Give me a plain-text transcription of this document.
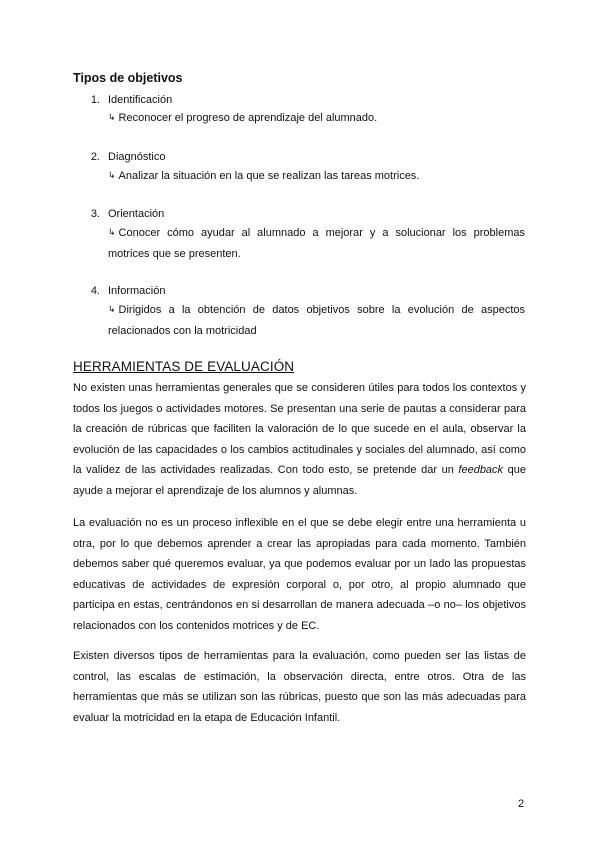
Tipos de objetivos
1. Identificación
↳ Reconocer el progreso de aprendizaje del alumnado.
2. Diagnóstico
↳ Analizar la situación en la que se realizan las tareas motrices.
3. Orientación
↳ Conocer cómo ayudar al alumnado a mejorar y a solucionar los problemas motrices que se presenten.
4. Información
↳ Dirigidos a la obtención de datos objetivos sobre la evolución de aspectos relacionados con la motricidad
HERRAMIENTAS DE EVALUACIÓN

No existen unas herramientas generales que se consideren útiles para todos los contextos y todos los juegos o actividades motores. Se presentan una serie de pautas a considerar para la creación de rúbricas que faciliten la valoración de lo que sucede en el aula, observar la evolución de las capacidades o los cambios actitudinales y sociales del alumnado, así como la validez de las actividades realizadas. Con todo esto, se pretende dar un feedback que ayude a mejorar el aprendizaje de los alumnos y alumnas.

La evaluación no es un proceso inflexible en el que se debe elegir entre una herramienta u otra, por lo que debemos aprender a crear las apropiadas para cada momento. También debemos saber qué queremos evaluar, ya que podemos evaluar por un lado las propuestas educativas de actividades de expresión corporal o, por otro, al propio alumnado que participa en estas, centrándonos en si desarrollan de manera adecuada –o no– los objetivos relacionados con los contenidos motrices y de EC.

Existen diversos tipos de herramientas para la evaluación, como pueden ser las listas de control, las escalas de estimación, la observación directa, entre otros. Otra de las herramientas que más se utilizan son las rúbricas, puesto que son las más adecuadas para evaluar la motricidad en la etapa de Educación Infantil.

2
